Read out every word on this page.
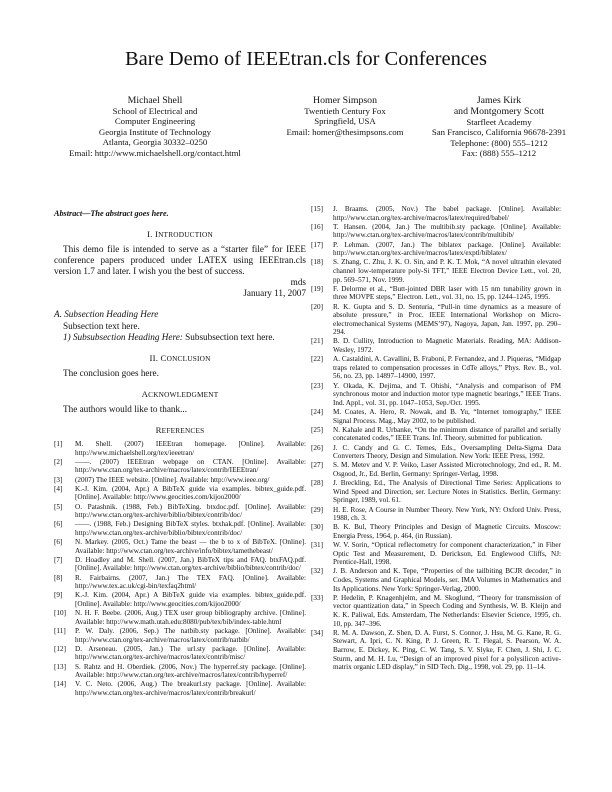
Bare Demo of IEEEtran.cls for Conferences
Michael Shell
School of Electrical and
Computer Engineering
Georgia Institute of Technology
Atlanta, Georgia 30332–0250
Email: http://www.michaelshell.org/contact.html
Homer Simpson
Twentieth Century Fox
Springfield, USA
Email: homer@thesimpsons.com
James Kirk
and Montgomery Scott
Starfleet Academy
San Francisco, California 96678-2391
Telephone: (800) 555–1212
Fax: (888) 555–1212
Abstract—The abstract goes here.
I. INTRODUCTION
This demo file is intended to serve as a “starter file” for IEEE conference papers produced under LATEX using IEEEtran.cls version 1.7 and later. I wish you the best of success.
mds
January 11, 2007
A. Subsection Heading Here
Subsection text here.
1) Subsubsection Heading Here: Subsubsection text here.
II. CONCLUSION
The conclusion goes here.
ACKNOWLEDGMENT
The authors would like to thank...
REFERENCES
[1]	M. Shell. (2007) IEEEtran homepage. [Online]. Available: http://www.michaelshell.org/tex/ieeetran/
[2]	——. (2007) IEEEtran webpage on CTAN. [Online]. Available: http://www.ctan.org/tex-archive/macros/latex/contrib/IEEEtran/
[3]	(2007) The IEEE website. [Online]. Available: http://www.ieee.org/
[4]	K.-J. Kim. (2004, Apr.) A BibTeX guide via examples. bibtex_guide.pdf. [Online]. Available: http://www.geocities.com/kijoo2000/
[5]	O. Patashnik. (1988, Feb.) BibTeXing. btxdoc.pdf. [Online]. Available: http://www.ctan.org/tex-archive/biblio/bibtex/contrib/doc/
[6]	——. (1988, Feb.) Designing BibTeX styles. btxhak.pdf. [Online]. Available: http://www.ctan.org/tex-archive/biblio/bibtex/contrib/doc/
[6]	N. Markey. (2005, Oct.) Tame the beast — the b to x of BibTeX. [Online]. Available: http://www.ctan.org/tex-archive/info/bibtex/tamethebeast/
[7]	D. Hoadley and M. Shell. (2007, Jan.) BibTeX tips and FAQ. btxFAQ.pdf. [Online]. Available: http://www.ctan.org/tex-archive/biblio/bibtex/contrib/doc/
[8]	R. Fairbairns. (2007, Jan.) The TEX FAQ. [Online]. Available: http://www.tex.ac.uk/cgi-bin/texfaq2html/
[9]	K.-J. Kim. (2004, Apr.) A BibTeX guide via examples. bibtex_guide.pdf. [Online]. Available: http://www.geocities.com/kijoo2000/
[10]	N. H. F. Beebe. (2006, Aug.) TEX user group bibliography archive. [Online]. Available: http://www.math.utah.edu:8080/pub/tex/bib/index-table.html
[11]	P. W. Daly. (2006, Sep.) The natbib.sty package. [Online]. Available: http://www.ctan.org/tex-archive/macros/latex/contrib/natbib/
[12]	D. Arseneau. (2005, Jan.) The url.sty package. [Online]. Available: http://www.ctan.org/tex-archive/macros/latex/contrib/misc/
[13]	S. Rahtz and H. Oberdiek. (2006, Nov.) The hyperref.sty package. [Online]. Available: http://www.ctan.org/tex-archive/macros/latex/contrib/hyperref/
[14]	V. C. Neto. (2006, Aug.) The breakurl.sty package. [Online]. Available: http://www.ctan.org/tex-archive/macros/latex/contrib/breakurl/
[15]	J. Braams. (2005, Nov.) The babel package. [Online]. Available: http://www.ctan.org/tex-archive/macros/latex/required/babel/
[16]	T. Hansen. (2004, Jan.) The multibib.sty package. [Online]. Available: http://www.ctan.org/tex-archive/macros/latex/contrib/multibib/
[17]	P. Lehman. (2007, Jan.) The biblatex package. [Online]. Available: http://www.ctan.org/tex-archive/macros/latex/exptl/biblatex/
[18]	S. Zhang, C. Zhu, J. K. O. Sin, and P. K. T. Mok, “A novel ultrathin elevated channel low-temperature poly-Si TFT,” IEEE Electron Device Lett., vol. 20, pp. 569–571, Nov. 1999.
[19]	F. Delorme et al., “Butt-jointed DBR laser with 15 nm tunability grown in three MOVPE steps,” Electron. Lett., vol. 31, no. 15, pp. 1244–1245, 1995.
[20]	R. K. Gupta and S. D. Senturia, “Pull-in time dynamics as a measure of absolute pressure,” in Proc. IEEE International Workshop on Micro-electromechanical Systems (MEMS’97), Nagoya, Japan, Jan. 1997, pp. 290–294.
[21]	B. D. Cullity, Introduction to Magnetic Materials. Reading, MA: Addison-Wesley, 1972.
[22]	A. Castaldini, A. Cavallini, B. Fraboni, P. Fernandez, and J. Piqueras, “Midgap traps related to compensation processes in CdTe alloys,” Phys. Rev. B., vol. 56, no. 23, pp. 14897–14900, 1997.
[23]	Y. Okada, K. Dejima, and T. Ohishi, “Analysis and comparison of PM synchronous motor and induction motor type magnetic bearings,” IEEE Trans. Ind. Appl., vol. 31, pp. 1047–1053, Sep./Oct. 1995.
[24]	M. Coates, A. Hero, R. Nowak, and B. Yu, “Internet tomography,” IEEE Signal Process. Mag., May 2002, to be published.
[25]	N. Kahale and R. Urbanke, “On the minimum distance of parallel and serially concatenated codes,” IEEE Trans. Inf. Theory, submitted for publication.
[26]	J. C. Candy and G. C. Temes, Eds., Oversampling Delta-Sigma Data Converters Theory, Design and Simulation. New York: IEEE Press, 1992.
[27]	S. M. Metev and V. P. Veiko, Laser Assisted Microtechnology, 2nd ed., R. M. Osgood, Jr., Ed. Berlin, Germany: Springer-Verlag, 1998.
[28]	J. Breckling, Ed., The Analysis of Directional Time Series: Applications to Wind Speed and Direction, ser. Lecture Notes in Statistics. Berlin, Germany: Springer, 1989, vol. 61.
[29]	H. E. Rose, A Course in Number Theory. New York, NY: Oxford Univ. Press, 1988, ch. 3.
[30]	B. K. Bul, Theory Principles and Design of Magnetic Circuits. Moscow: Energia Press, 1964, p. 464, (in Russian).
[31]	W. V. Sorin, “Optical reflectometry for component characterization,” in Fiber Optic Test and Measurement, D. Derickson, Ed. Englewood Cliffs, NJ: Prentice-Hall, 1998.
[32]	J. B. Anderson and K. Tepe, “Properties of the tailbiting BCJR decoder,” in Codes, Systems and Graphical Models, ser. IMA Volumes in Mathematics and Its Applications. New York: Springer-Verlag, 2000.
[33]	P. Hedelin, P. Knagenhjelm, and M. Skoglund, “Theory for transmission of vector quantization data,” in Speech Coding and Synthesis, W. B. Kleijn and K. K. Paliwal, Eds. Amsterdam, The Netherlands: Elsevier Science, 1995, ch. 10, pp. 347–396.
[34]	R. M. A. Dawson, Z. Shen, D. A. Furst, S. Connor, J. Hsu, M. G. Kane, R. G. Stewart, A. Ipri, C. N. King, P. J. Green, R. T. Flegal, S. Pearson, W. A. Barrow, E. Dickey, K. Ping, C. W. Tang, S. V. Slyke, F. Chen, J. Shi, J. C. Sturm, and M. H. Lu, “Design of an improved pixel for a polysilicon active-matrix organic LED display,” in SID Tech. Dig., 1998, vol. 29, pp. 11–14.
